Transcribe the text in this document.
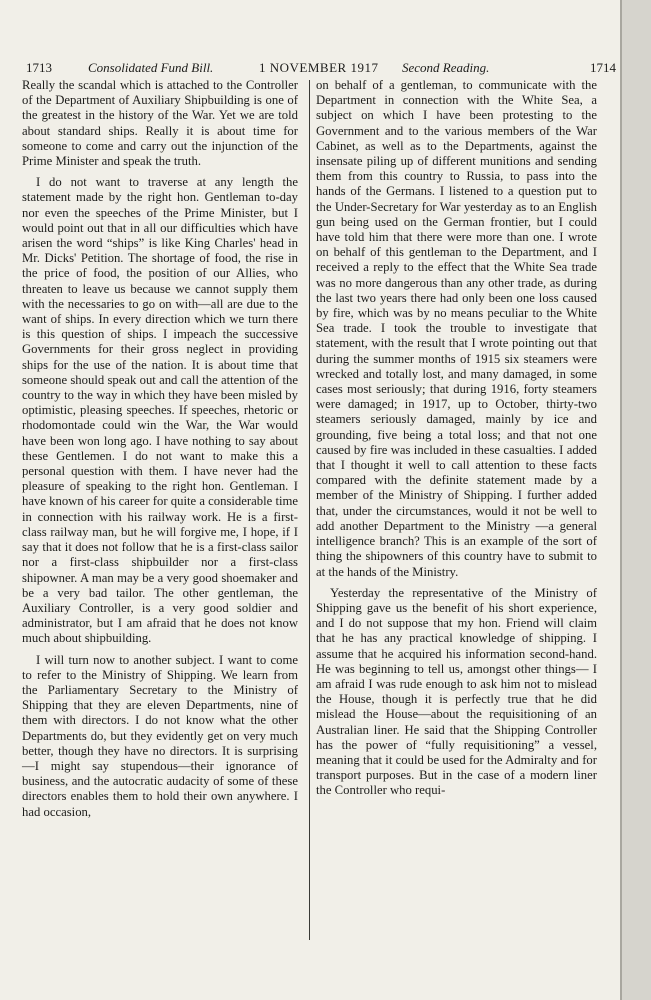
1713	Consolidated Fund Bill.	1 NOVEMBER 1917 Second Reading.	1714

Really the scandal which is attached to the Controller of the Department of Auxiliary Shipbuilding is one of the greatest in the history of the War. Yet we are told about standard ships. Really it is about time for someone to come and carry out the injunction of the Prime Minister and speak the truth.

I do not want to traverse at any length the statement made by the right hon. Gentleman to-day nor even the speeches of the Prime Minister, but I would point out that in all our difficulties which have arisen the word “ships” is like King Charles' head in Mr. Dicks' Petition. The shortage of food, the rise in the price of food, the position of our Allies, who threaten to leave us because we cannot supply them with the necessaries to go on with—all are due to the want of ships. In every direction which we turn there is this question of ships. I impeach the successive Governments for their gross neglect in providing ships for the use of the nation. It is about time that someone should speak out and call the attention of the country to the way in which they have been misled by optimistic, pleasing speeches. If speeches, rhetoric or rhodomontade could win the War, the War would have been won long ago. I have nothing to say about these Gentlemen. I do not want to make this a personal question with them. I have never had the pleasure of speaking to the right hon. Gentleman. I have known of his career for quite a considerable time in connection with his railway work. He is a first-class railway man, but he will forgive me, I hope, if I say that it does not follow that he is a first-class sailor nor a first-class shipbuilder nor a first-class shipowner. A man may be a very good shoemaker and be a very bad tailor. The other gentleman, the Auxiliary Controller, is a very good soldier and administrator, but I am afraid that he does not know much about shipbuilding.

I will turn now to another subject. I want to come to refer to the Ministry of Shipping. We learn from the Parliamentary Secretary to the Ministry of Shipping that they are eleven Departments, nine of them with directors. I do not know what the other Departments do, but they evidently get on very much better, though they have no directors. It is surprising —I might say stupendous—their ignorance of business, and the autocratic audacity of some of these directors enables them to hold their own anywhere. I had occasion,

on behalf of a gentleman, to communicate with the Department in connection with the White Sea, a subject on which I have been protesting to the Government and to the various members of the War Cabinet, as well as to the Departments, against the insensate piling up of different munitions and sending them from this country to Russia, to pass into the hands of the Germans. I listened to a question put to the Under-Secretary for War yesterday as to an English gun being used on the German frontier, but I could have told him that there were more than one. I wrote on behalf of this gentleman to the Department, and I received a reply to the effect that the White Sea trade was no more dangerous than any other trade, as during the last two years there had only been one loss caused by fire, which was by no means peculiar to the White Sea trade. I took the trouble to investigate that statement, with the result that I wrote pointing out that during the summer months of 1915 six steamers were wrecked and totally lost, and many damaged, in some cases most seriously; that during 1916, forty steamers were damaged; in 1917, up to October, thirty-two steamers seriously damaged, mainly by ice and grounding, five being a total loss; and that not one caused by fire was included in these casualties. I added that I thought it well to call attention to these facts compared with the definite statement made by a member of the Ministry of Shipping. I further added that, under the circumstances, would it not be well to add another Department to the Ministry —a general intelligence branch? This is an example of the sort of thing the shipowners of this country have to submit to at the hands of the Ministry.

Yesterday the representative of the Ministry of Shipping gave us the benefit of his short experience, and I do not suppose that my hon. Friend will claim that he has any practical knowledge of shipping. I assume that he acquired his information second-hand. He was beginning to tell us, amongst other things— I am afraid I was rude enough to ask him not to mislead the House, though it is perfectly true that he did mislead the House—about the requisitioning of an Australian liner. He said that the Shipping Controller has the power of “fully requisitioning” a vessel, meaning that it could be used for the Admiralty and for transport purposes. But in the case of a modern liner the Controller who requi-
